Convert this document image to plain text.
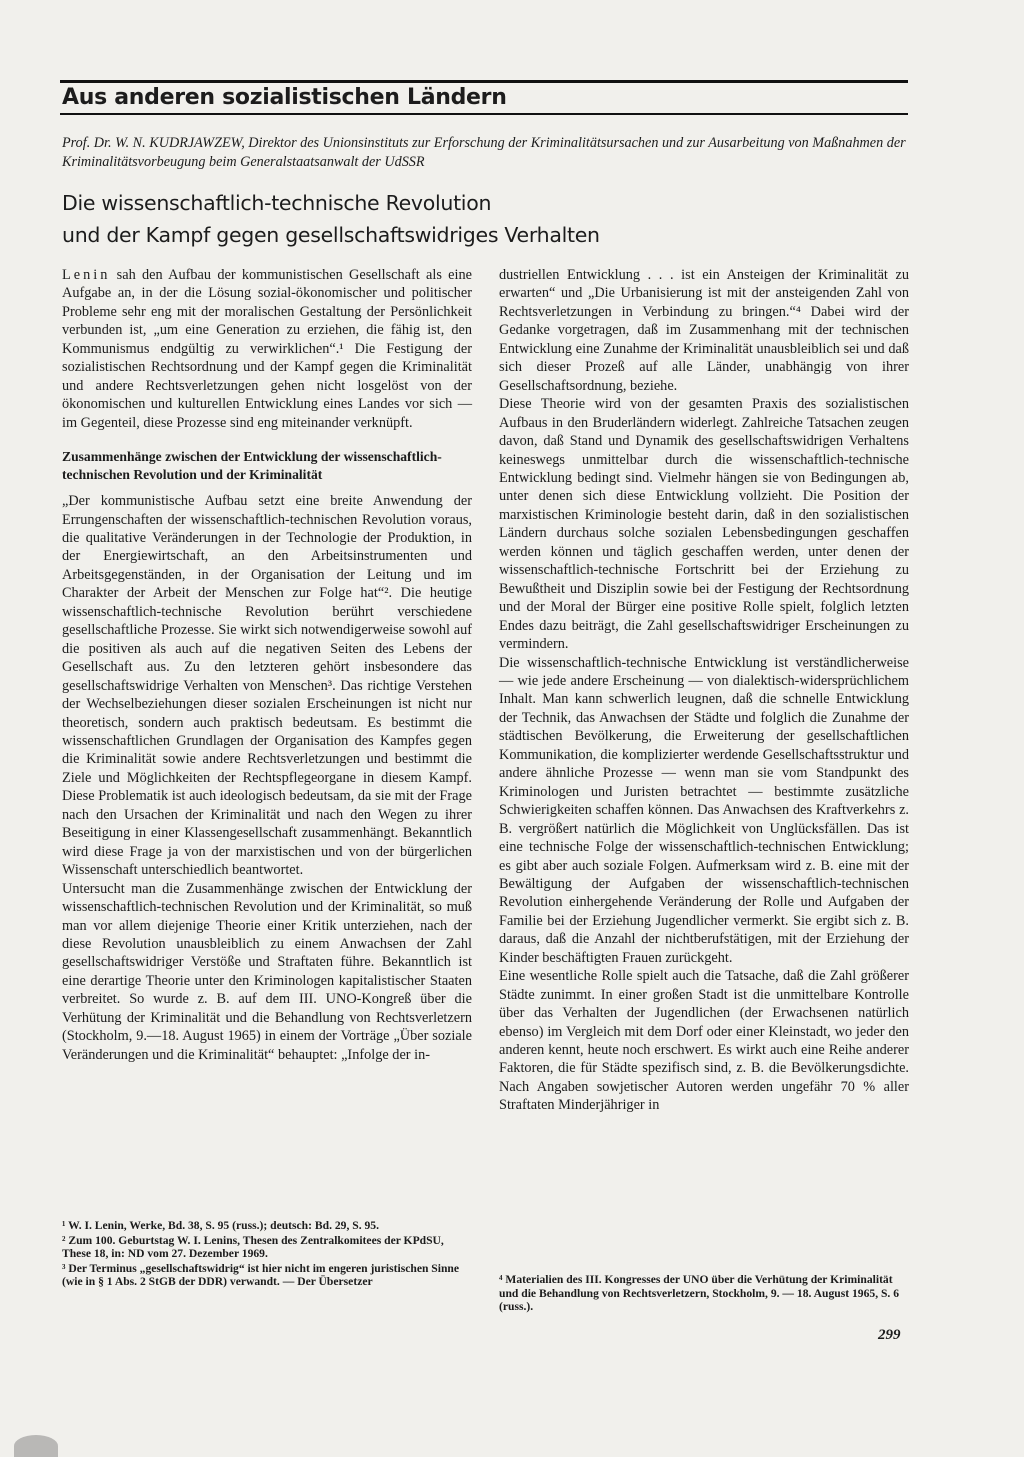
Aus anderen sozialistischen Ländern
Prof. Dr. W. N. KUDRJAWZEW, Direktor des Unionsinstituts zur Erforschung der Kriminalitätsursachen und zur Ausarbeitung von Maßnahmen der Kriminalitätsvorbeugung beim Generalstaatsanwalt der UdSSR
Die wissenschaftlich-technische Revolution
und der Kampf gegen gesellschaftswidriges Verhalten

Lenin sah den Aufbau der kommunistischen Gesellschaft als eine Aufgabe an, in der die Lösung sozial-ökonomischer und politischer Probleme sehr eng mit der moralischen Gestaltung der Persönlichkeit verbunden ist, „um eine Generation zu erziehen, die fähig ist, den Kommunismus endgültig zu verwirklichen“.¹ Die Festigung der sozialistischen Rechtsordnung und der Kampf gegen die Kriminalität und andere Rechtsverletzungen gehen nicht losgelöst von der ökonomischen und kulturellen Entwicklung eines Landes vor sich — im Gegenteil, diese Prozesse sind eng miteinander verknüpft.

Zusammenhänge zwischen der Entwicklung der wissenschaftlich-technischen Revolution und der Kriminalität

„Der kommunistische Aufbau setzt eine breite Anwendung der Errungenschaften der wissenschaftlich-technischen Revolution voraus, die qualitative Veränderungen in der Technologie der Produktion, in der Energiewirtschaft, an den Arbeitsinstrumenten und Arbeitsgegenständen, in der Organisation der Leitung und im Charakter der Arbeit der Menschen zur Folge hat“². Die heutige wissenschaftlich-technische Revolution berührt verschiedene gesellschaftliche Prozesse. Sie wirkt sich notwendigerweise sowohl auf die positiven als auch auf die negativen Seiten des Lebens der Gesellschaft aus. Zu den letzteren gehört insbesondere das gesellschaftswidrige Verhalten von Menschen³. Das richtige Verstehen der Wechselbeziehungen dieser sozialen Erscheinungen ist nicht nur theoretisch, sondern auch praktisch bedeutsam. Es bestimmt die wissenschaftlichen Grundlagen der Organisation des Kampfes gegen die Kriminalität sowie andere Rechtsverletzungen und bestimmt die Ziele und Möglichkeiten der Rechtspflegeorgane in diesem Kampf. Diese Problematik ist auch ideologisch bedeutsam, da sie mit der Frage nach den Ursachen der Kriminalität und nach den Wegen zu ihrer Beseitigung in einer Klassengesellschaft zusammenhängt. Bekanntlich wird diese Frage ja von der marxistischen und von der bürgerlichen Wissenschaft unterschiedlich beantwortet.

Untersucht man die Zusammenhänge zwischen der Entwicklung der wissenschaftlich-technischen Revolution und der Kriminalität, so muß man vor allem diejenige Theorie einer Kritik unterziehen, nach der diese Revolution unausbleiblich zu einem Anwachsen der Zahl gesellschaftswidriger Verstöße und Straftaten führe. Bekanntlich ist eine derartige Theorie unter den Kriminologen kapitalistischer Staaten verbreitet. So wurde z. B. auf dem III. UNO-Kongreß über die Verhütung der Kriminalität und die Behandlung von Rechtsverletzern (Stockholm, 9.—18. August 1965) in einem der Vorträge „Über soziale Veränderungen und die Kriminalität“ behauptet: „Infolge der in-

dustriellen Entwicklung . . . ist ein Ansteigen der Kriminalität zu erwarten“ und „Die Urbanisierung ist mit der ansteigenden Zahl von Rechtsverletzungen in Verbindung zu bringen.“⁴ Dabei wird der Gedanke vorgetragen, daß im Zusammenhang mit der technischen Entwicklung eine Zunahme der Kriminalität unausbleiblich sei und daß sich dieser Prozeß auf alle Länder, unabhängig von ihrer Gesellschaftsordnung, beziehe.

Diese Theorie wird von der gesamten Praxis des sozialistischen Aufbaus in den Bruderländern widerlegt. Zahlreiche Tatsachen zeugen davon, daß Stand und Dynamik des gesellschaftswidrigen Verhaltens keineswegs unmittelbar durch die wissenschaftlich-technische Entwicklung bedingt sind. Vielmehr hängen sie von Bedingungen ab, unter denen sich diese Entwicklung vollzieht. Die Position der marxistischen Kriminologie besteht darin, daß in den sozialistischen Ländern durchaus solche sozialen Lebensbedingungen geschaffen werden können und täglich geschaffen werden, unter denen der wissenschaftlich-technische Fortschritt bei der Erziehung zu Bewußtheit und Disziplin sowie bei der Festigung der Rechtsordnung und der Moral der Bürger eine positive Rolle spielt, folglich letzten Endes dazu beiträgt, die Zahl gesellschaftswidriger Erscheinungen zu vermindern.

Die wissenschaftlich-technische Entwicklung ist verständlicherweise — wie jede andere Erscheinung — von dialektisch-widersprüchlichem Inhalt. Man kann schwerlich leugnen, daß die schnelle Entwicklung der Technik, das Anwachsen der Städte und folglich die Zunahme der städtischen Bevölkerung, die Erweiterung der gesellschaftlichen Kommunikation, die komplizierter werdende Gesellschaftsstruktur und andere ähnliche Prozesse — wenn man sie vom Standpunkt des Kriminologen und Juristen betrachtet — bestimmte zusätzliche Schwierigkeiten schaffen können. Das Anwachsen des Kraftverkehrs z. B. vergrößert natürlich die Möglichkeit von Unglücksfällen. Das ist eine technische Folge der wissenschaftlich-technischen Entwicklung; es gibt aber auch soziale Folgen. Aufmerksam wird z. B. eine mit der Bewältigung der Aufgaben der wissenschaftlich-technischen Revolution einhergehende Veränderung der Rolle und Aufgaben der Familie bei der Erziehung Jugendlicher vermerkt. Sie ergibt sich z. B. daraus, daß die Anzahl der nichtberufstätigen, mit der Erziehung der Kinder beschäftigten Frauen zurückgeht.

Eine wesentliche Rolle spielt auch die Tatsache, daß die Zahl größerer Städte zunimmt. In einer großen Stadt ist die unmittelbare Kontrolle über das Verhalten der Jugendlichen (der Erwachsenen natürlich ebenso) im Vergleich mit dem Dorf oder einer Kleinstadt, wo jeder den anderen kennt, heute noch erschwert. Es wirkt auch eine Reihe anderer Faktoren, die für Städte spezifisch sind, z. B. die Bevölkerungsdichte. Nach Angaben sowjetischer Autoren werden ungefähr 70 % aller Straftaten Minderjähriger in

¹ W. I. Lenin, Werke, Bd. 38, S. 95 (russ.); deutsch: Bd. 29, S. 95.

² Zum 100. Geburtstag W. I. Lenins, Thesen des Zentralkomitees der KPdSU, These 18, in: ND vom 27. Dezember 1969.

³ Der Terminus „gesellschaftswidrig“ ist hier nicht im engeren juristischen Sinne (wie in § 1 Abs. 2 StGB der DDR) verwandt. — Der Übersetzer	⁴ Materialien des III. Kongresses der UNO über die Verhütung der Kriminalität und die Behandlung von Rechtsverletzern, Stockholm, 9. — 18. August 1965, S. 6 (russ.).

299
